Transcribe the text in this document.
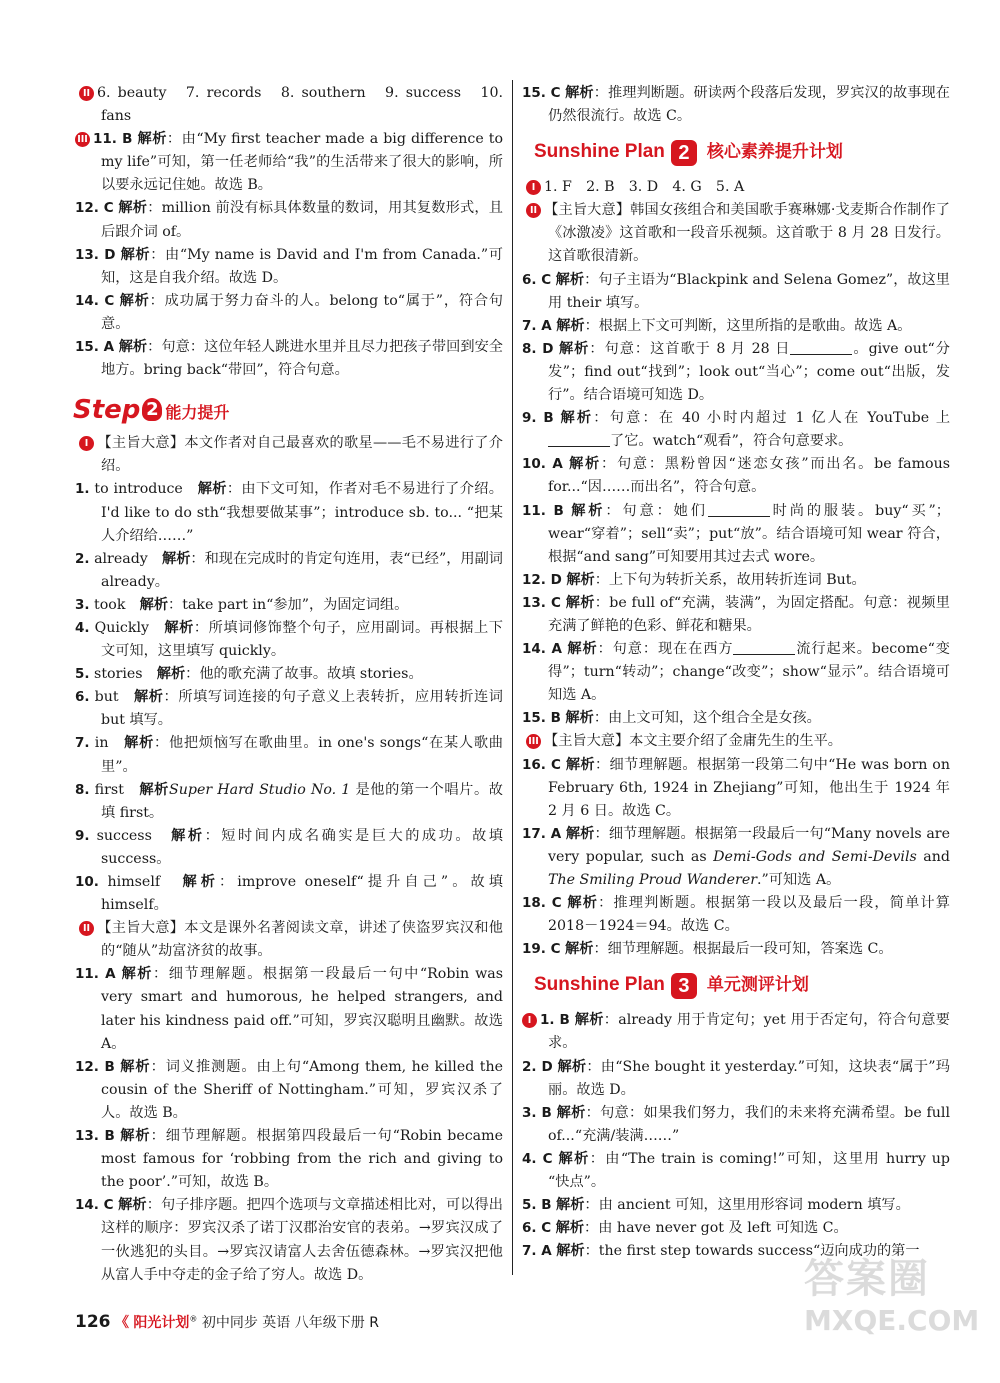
II 6. beauty　7. records　8. southern　9. success　10. fans

III 11. B 解析：由“My first teacher made a big difference to my life”可知，第一任老师给“我”的生活带来了很大的影响，所以要永远记住她。故选 B。

12. C 解析：million 前没有标具体数量的数词，用其复数形式，且后跟介词 of。

13. D 解析：由“My name is David and I'm from Canada.”可知，这是自我介绍。故选 D。

14. C 解析：成功属于努力奋斗的人。belong to“属于”，符合句意。

15. A 解析：句意：这位年轻人跳进水里并且尽力把孩子带回到安全地方。bring back“带回”，符合句意。

Step 2 能力提升

I 【主旨大意】本文作者对自己最喜欢的歌星——毛不易进行了介绍。

1. to introduce　 解析：由下文可知，作者对毛不易进行了介绍。I'd like to do sth“我想要做某事”；introduce sb. to... “把某人介绍给……”

2. already　 解析：和现在完成时的肯定句连用，表“已经”，用副词 already。

3. took　 解析：take part in“参加”，为固定词组。

4. Quickly　 解析：所填词修饰整个句子，应用副词。再根据上下文可知，这里填写 quickly。

5. stories　 解析：他的歌充满了故事。故填 stories。

6. but　 解析：所填写词连接的句子意义上表转折，应用转折连词 but 填写。

7. in　 解析：他把烦恼写在歌曲里。in one's songs“在某人歌曲里”。

8. first　 解析Super Hard Studio No. 1 是他的第一个唱片。故填 first。

9. success　 解析：短时间内成名确实是巨大的成功。故填 success。

10. himself　 解析：improve oneself“提升自己”。故填 himself。

II 【主旨大意】本文是课外名著阅读文章，讲述了侠盗罗宾汉和他的“随从”劫富济贫的故事。

11. A 解析：细节理解题。根据第一段最后一句中“Robin was very smart and humorous, he helped strangers, and later his kindness paid off.”可知，罗宾汉聪明且幽默。故选 A。

12. B 解析：词义推测题。由上句“Among them, he killed the cousin of the Sheriff of Nottingham.”可知，罗宾汉杀了人。故选 B。

13. B 解析：细节理解题。根据第四段最后一句“Robin became most famous for ‘robbing from the rich and giving to the poor’.”可知，故选 B。

14. C 解析：句子排序题。把四个选项与文章描述相比对，可以得出这样的顺序：罗宾汉杀了诺丁汉郡治安官的表弟。→罗宾汉成了一伙逃犯的头目。→罗宾汉请富人去舍伍德森林。→罗宾汉把他从富人手中夺走的金子给了穷人。故选 D。

15. C 解析：推理判断题。研读两个段落后发现，罗宾汉的故事现在仍然很流行。故选 C。

Sunshine Plan 2 核心素养提升计划

I 1. F　2. B　3. D　4. G　5. A

II 【主旨大意】韩国女孩组合和美国歌手赛琳娜·戈麦斯合作制作了《冰激凌》这首歌和一段音乐视频。这首歌于 8 月 28 日发行。这首歌很清新。

6. C 解析：句子主语为“Blackpink and Selena Gomez”，故这里用 their 填写。

7. A 解析：根据上下文可判断，这里所指的是歌曲。故选 A。

8. D 解析：句意：这首歌于 8 月 28 日	。give out“分发”；find out“找到”；look out“当心”；come out“出版，发行”。结合语境可知选 D。

9. B 解析：句意：在 40 小时内超过 1 亿人在 YouTube 上了它。watch“观看”，符合句意要求。

10. A 解析：句意：黑粉曾因“迷恋女孩”而出名。be famous for...“因……而出名”，符合句意。

11. B 解析：句意：她们	时尚的服装。buy“买”；wear“穿着”；sell“卖”；put“放”。结合语境可知 wear 符合，根据“and sang”可知要用其过去式 wore。

12. D 解析：上下句为转折关系，故用转折连词 But。

13. C 解析：be full of“充满，装满”，为固定搭配。句意：视频里充满了鲜艳的色彩、鲜花和糖果。

14. A 解析：句意：现在在西方	流行起来。become“变得”；turn“转动”；change“改变”；show“显示”。结合语境可知选 A。

15. B 解析：由上文可知，这个组合全是女孩。

III 【主旨大意】本文主要介绍了金庸先生的生平。

16. C 解析：细节理解题。根据第一段第二句中“He was born on February 6th, 1924 in Zhejiang”可知，他出生于 1924 年 2 月 6 日。故选 C。

17. A 解析：细节理解题。根据第一段最后一句“Many novels are very popular, such as Demi-Gods and Semi-Devils and The Smiling Proud Wanderer.”可知选 A。

18. C 解析：推理判断题。根据第一段以及最后一段，简单计算 2018－1924＝94。故选 C。

19. C 解析：细节理解题。根据最后一段可知，答案选 C。

Sunshine Plan 3 单元测评计划

I 1. B 解析：already 用于肯定句；yet 用于否定句，符合句意要求。

2. D 解析：由“She bought it yesterday.”可知，这块表“属于”玛丽。故选 D。

3. B 解析：句意：如果我们努力，我们的未来将充满希望。be full of...“充满/装满……”

4. C 解析：由“The train is coming!”可知，这里用 hurry up “快点”。

5. B 解析：由 ancient 可知，这里用形容词 modern 填写。

6. C 解析：由 have never got 及 left 可知选 C。

7. A 解析：the first step towards success“迈向成功的第一

126 《 阳光计划® 初中同步 英语 八年级下册 R
答案圈
MXQE.COM
